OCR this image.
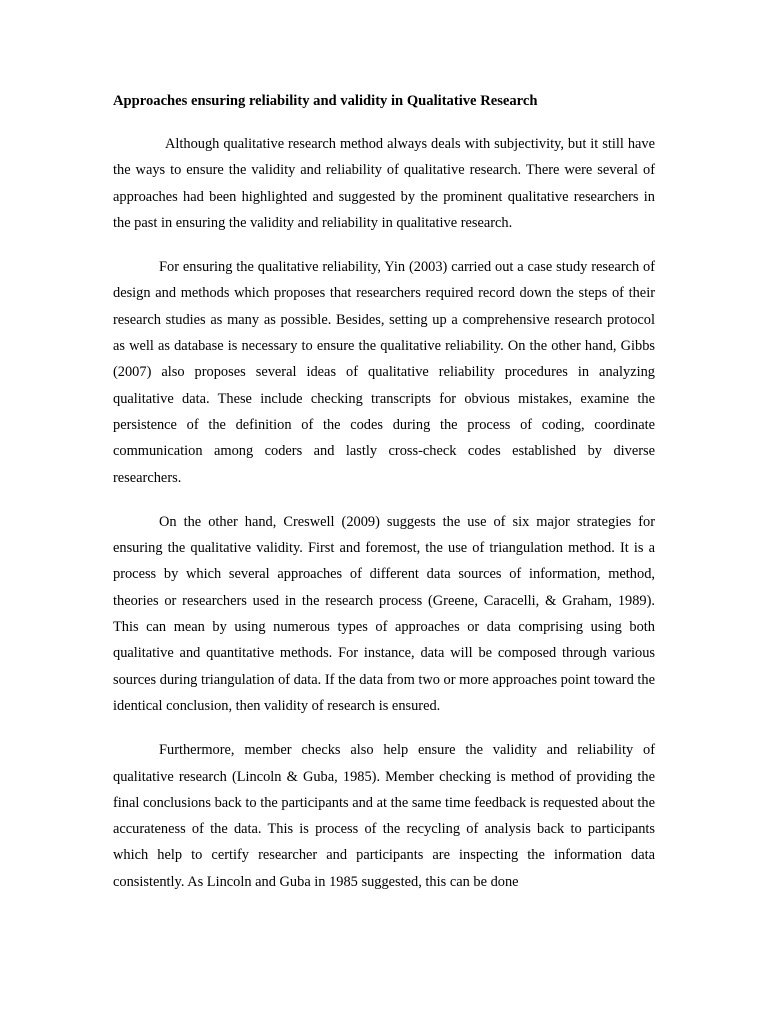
Approaches ensuring reliability and validity in Qualitative Research

Although qualitative research method always deals with subjectivity, but it still have the ways to ensure the validity and reliability of qualitative research. There were several of approaches had been highlighted and suggested by the prominent qualitative researchers in the past in ensuring the validity and reliability in qualitative research.

For ensuring the qualitative reliability, Yin (2003) carried out a case study research of design and methods which proposes that researchers required record down the steps of their research studies as many as possible. Besides, setting up a comprehensive research protocol as well as database is necessary to ensure the qualitative reliability. On the other hand, Gibbs (2007) also proposes several ideas of qualitative reliability procedures in analyzing qualitative data. These include checking transcripts for obvious mistakes, examine the persistence of the definition of the codes during the process of coding, coordinate communication among coders and lastly cross-check codes established by diverse researchers.

On the other hand, Creswell (2009) suggests the use of six major strategies for ensuring the qualitative validity. First and foremost, the use of triangulation method. It is a process by which several approaches of different data sources of information, method, theories or researchers used in the research process (Greene, Caracelli, & Graham, 1989). This can mean by using numerous types of approaches or data comprising using both qualitative and quantitative methods. For instance, data will be composed through various sources during triangulation of data. If the data from two or more approaches point toward the identical conclusion, then validity of research is ensured.

Furthermore, member checks also help ensure the validity and reliability of qualitative research (Lincoln & Guba, 1985). Member checking is method of providing the final conclusions back to the participants and at the same time feedback is requested about the accurateness of the data. This is process of the recycling of analysis back to participants which help to certify researcher and participants are inspecting the information data consistently. As Lincoln and Guba in 1985 suggested, this can be done
